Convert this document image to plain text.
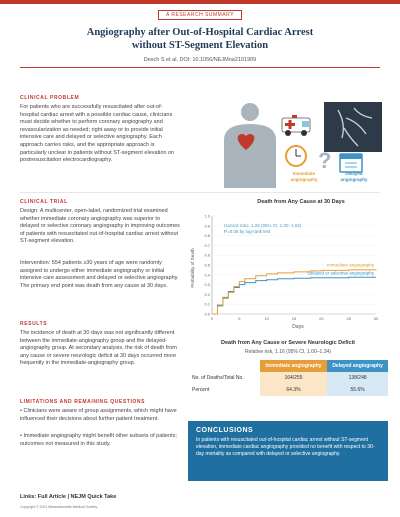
A RESEARCH SUMMARY
Angiography after Out-of-Hospital Cardiac Arrest
without ST-Segment Elevation
Desch S et al. DOI: 10.1056/NEJMoa2101909
CLINICAL PROBLEM
For patients who are successfully resuscitated after out-of-hospital cardiac arrest with a possible cardiac cause, clinicians must decide whether to perform coronary angiography and revascularization as needed; right away or to provide initial intensive care and delayed or selective angiography. Each approach carries risks, and the appropriate approach is particularly unclear in patients without ST-segment elevation on postresuscitation electrocardiography.	?
Immediate angiography
Delayed angiography
CLINICAL TRIAL
Design: A multicenter, open-label, randomized trial examined whether immediate coronary angiography was superior to delayed or selective coronary angiography in improving outcomes of patients with resuscitated out-of-hospital cardiac arrest without ST-segment elevation.
Intervention: 554 patients ≥30 years of age were randomly assigned to undergo either immediate angiography or initial intensive care assessment and delayed or selective angiography. The primary end point was death from any cause at 30 days.
RESULTS
The incidence of death at 30 days was not significantly different between the immediate-angiography group and the delayed-angiography group. At secondary analysis, the risk of death from any cause or severe neurologic deficit at 30 days occurred more frequently in the immediate-angiography group.
LIMITATIONS AND REMAINING QUESTIONS
• Clinicians were aware of group assignments, which might have influenced their decisions about further patient treatment.
• Immediate angiography might benefit other subsets of patients; outcomes not measured in this study.
Death from Any Cause at 30 Days
Probability of Death
Days
Hazard ratio, 1.28 (95% CI, 1.00–1.63)
P=0.06 by log-rank test
0.0
0.1
0.2
0.3
0.4
0.5
0.6
0.7
0.8
0.9
1.0
0	5	10	15	20	25	30
Delayed or selective angiography
Immediate angiography
Death from Any Cause or Severe Neurologic Deficit
Relative risk, 1.16 (95% CI, 1.00–1.34)
	Immediate angiography	Delayed angiography
No. of Deaths/Total No.	164/255	138/248
Percent	64.3%	55.6%
CONCLUSIONS
In patients with resuscitated out-of-hospital cardiac arrest without ST-segment elevation, immediate cardiac angiography provided no benefit with respect to 30-day mortality as compared with delayed or selective angiography.
Links: Full Article | NEJM Quick Take
Copyright © 2021 Massachusetts Medical Society.
